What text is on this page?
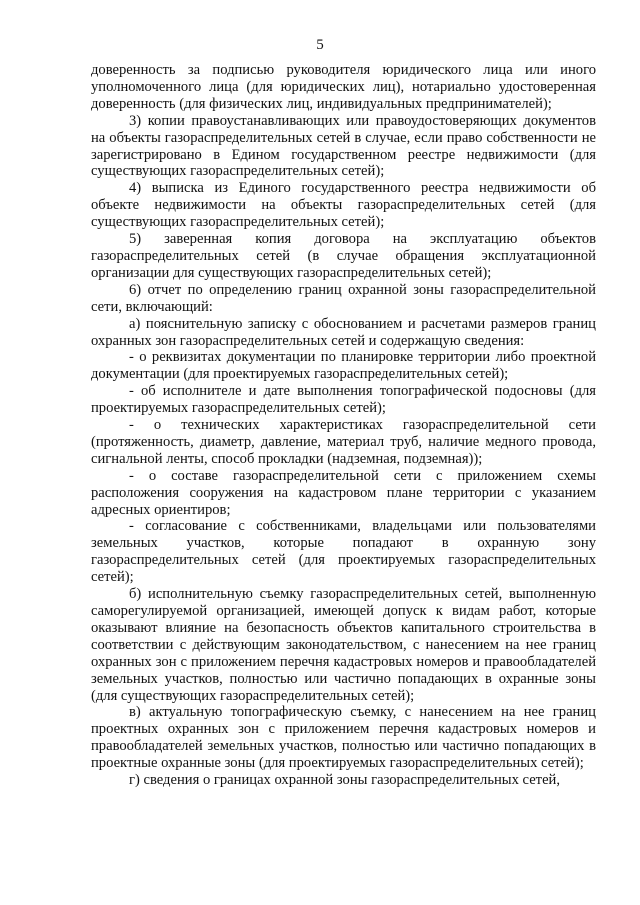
5

доверенность за подписью руководителя юридического лица или иного уполномоченного лица (для юридических лиц), нотариально удостоверенная доверенность (для физических лиц, индивидуальных предпринимателей);

3) копии правоустанавливающих или правоудостоверяющих документов на объекты газораспределительных сетей в случае, если право собственности не зарегистрировано в Едином государственном реестре недвижимости (для существующих газораспределительных сетей);

4) выписка из Единого государственного реестра недвижимости об объекте недвижимости на объекты газораспределительных сетей (для существующих газораспределительных сетей);

5) заверенная копия договора на эксплуатацию объектов газораспределительных сетей (в случае обращения эксплуатационной организации для существующих газораспределительных сетей);

6) отчет по определению границ охранной зоны газораспределительной сети, включающий:

а) пояснительную записку с обоснованием и расчетами размеров границ охранных зон газораспределительных сетей и содержащую сведения:

- о реквизитах документации по планировке территории либо проектной документации (для проектируемых газораспределительных сетей);

- об исполнителе и дате выполнения топографической подосновы (для проектируемых газораспределительных сетей);

- о технических характеристиках газораспределительной сети (протяженность, диаметр, давление, материал труб, наличие медного провода, сигнальной ленты, способ прокладки (надземная, подземная));

- о составе газораспределительной сети с приложением схемы расположения сооружения на кадастровом плане территории с указанием адресных ориентиров;

- согласование с собственниками, владельцами или пользователями земельных участков, которые попадают в охранную зону газораспределительных сетей (для проектируемых газораспределительных сетей);

б) исполнительную съемку газораспределительных сетей, выполненную саморегулируемой организацией, имеющей допуск к видам работ, которые оказывают влияние на безопасность объектов капитального строительства в соответствии с действующим законодательством, с нанесением на нее границ охранных зон с приложением перечня кадастровых номеров и правообладателей земельных участков, полностью или частично попадающих в охранные зоны (для существующих газораспределительных сетей);

в) актуальную топографическую съемку, с нанесением на нее границ проектных охранных зон с приложением перечня кадастровых номеров и правообладателей земельных участков, полностью или частично попадающих в проектные охранные зоны (для проектируемых газораспределительных сетей);

г) сведения о границах охранной зоны газораспределительных сетей,
